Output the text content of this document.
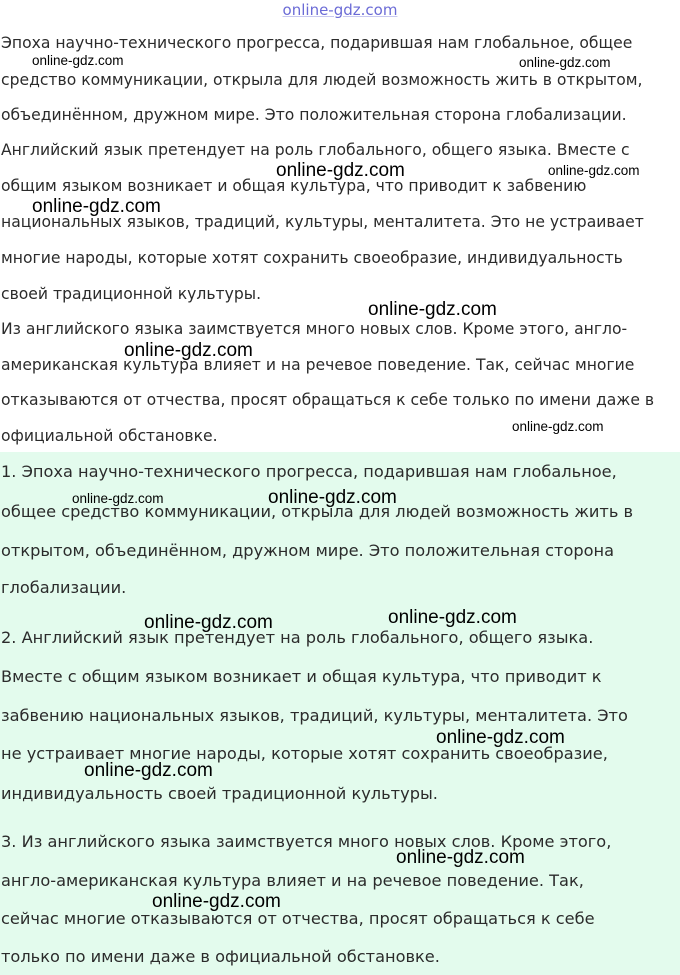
online-gdz.com
Эпоха научно-технического прогресса, подарившая нам глобальное, общее
средство коммуникации, открыла для людей возможность жить в открытом,
объединённом, дружном мире. Это положительная сторона глобализации.
Английский язык претендует на роль глобального, общего языка. Вместе с
общим языком возникает и общая культура, что приводит к забвению
национальных языков, традиций, культуры, менталитета. Это не устраивает
многие народы, которые хотят сохранить своеобразие, индивидуальность
своей традиционной культуры.
Из английского языка заимствуется много новых слов. Кроме этого, англо-
американская культура влияет и на речевое поведение. Так, сейчас многие
отказываются от отчества, просят обращаться к себе только по имени даже в
официальной обстановке.
1. Эпоха научно-технического прогресса, подарившая нам глобальное,
общее средство коммуникации, открыла для людей возможность жить в
открытом, объединённом, дружном мире. Это положительная сторона
глобализации.
2. Английский язык претендует на роль глобального, общего языка.
Вместе с общим языком возникает и общая культура, что приводит к
забвению национальных языков, традиций, культуры, менталитета. Это
не устраивает многие народы, которые хотят сохранить своеобразие,
индивидуальность своей традиционной культуры.
3. Из английского языка заимствуется много новых слов. Кроме этого,
англо-американская культура влияет и на речевое поведение. Так,
сейчас многие отказываются от отчества, просят обращаться к себе
только по имени даже в официальной обстановке.
online-gdz.com	online-gdz.com
online-gdz.com	online-gdz.com
online-gdz.com
online-gdz.com
online-gdz.com
online-gdz.com
online-gdz.com	online-gdz.com
online-gdz.com
online-gdz.com
online-gdz.com
online-gdz.com
online-gdz.com
online-gdz.com
